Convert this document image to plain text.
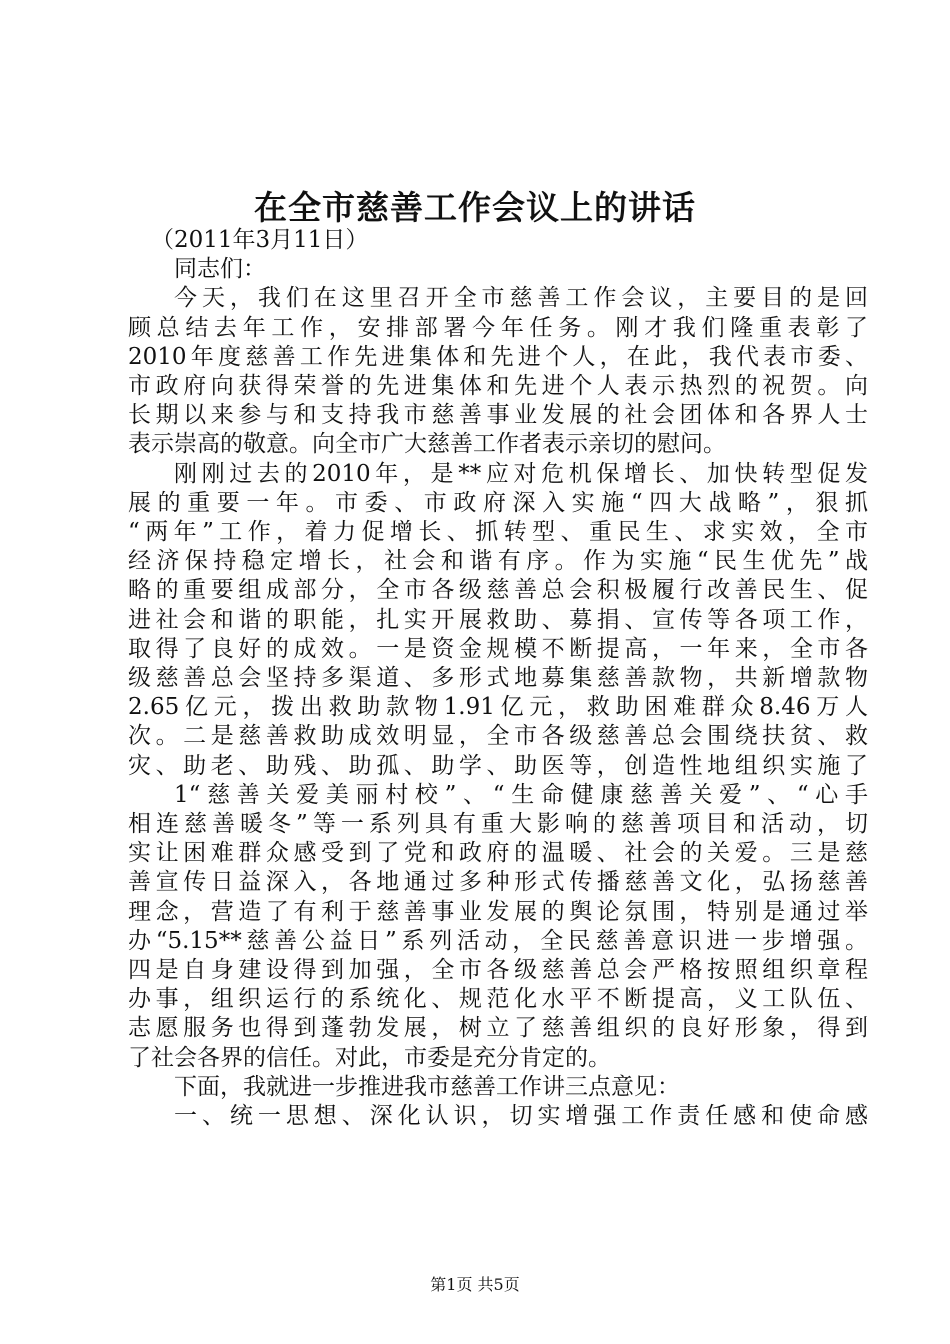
在全市慈善工作会议上的讲话

（2011年3月11日）

同志们：

今天，我们在这里召开全市慈善工作会议，主要目的是回

顾总结去年工作，安排部署今年任务。刚才我们隆重表彰了

2010年度慈善工作先进集体和先进个人，在此，我代表市委、

市政府向获得荣誉的先进集体和先进个人表示热烈的祝贺。向

长期以来参与和支持我市慈善事业发展的社会团体和各界人士

表示崇高的敬意。向全市广大慈善工作者表示亲切的慰问。

刚刚过去的2010年，是**应对危机保增长、加快转型促发

展的重要一年。市委、市政府深入实施“四大战略”，狠抓

“两年”工作，着力促增长、抓转型、重民生、求实效，全市

经济保持稳定增长，社会和谐有序。作为实施“民生优先”战

略的重要组成部分，全市各级慈善总会积极履行改善民生、促

进社会和谐的职能，扎实开展救助、募捐、宣传等各项工作，

取得了良好的成效。一是资金规模不断提高，一年来，全市各

级慈善总会坚持多渠道、多形式地募集慈善款物，共新增款物

2.65亿元，拨出救助款物1.91亿元，救助困难群众8.46万人

次。二是慈善救助成效明显，全市各级慈善总会围绕扶贫、救

灾、助老、助残、助孤、助学、助医等，创造性地组织实施了

1“慈善关爱美丽村校”、“生命健康慈善关爱”、“心手

相连慈善暖冬”等一系列具有重大影响的慈善项目和活动，切

实让困难群众感受到了党和政府的温暖、社会的关爱。三是慈

善宣传日益深入，各地通过多种形式传播慈善文化，弘扬慈善

理念，营造了有利于慈善事业发展的舆论氛围，特别是通过举

办“5.15**慈善公益日”系列活动，全民慈善意识进一步增强。

四是自身建设得到加强，全市各级慈善总会严格按照组织章程

办事，组织运行的系统化、规范化水平不断提高，义工队伍、

志愿服务也得到蓬勃发展，树立了慈善组织的良好形象，得到

了社会各界的信任。对此，市委是充分肯定的。

下面，我就进一步推进我市慈善工作讲三点意见：

一、统一思想、深化认识，切实增强工作责任感和使命感

第1页 共5页
